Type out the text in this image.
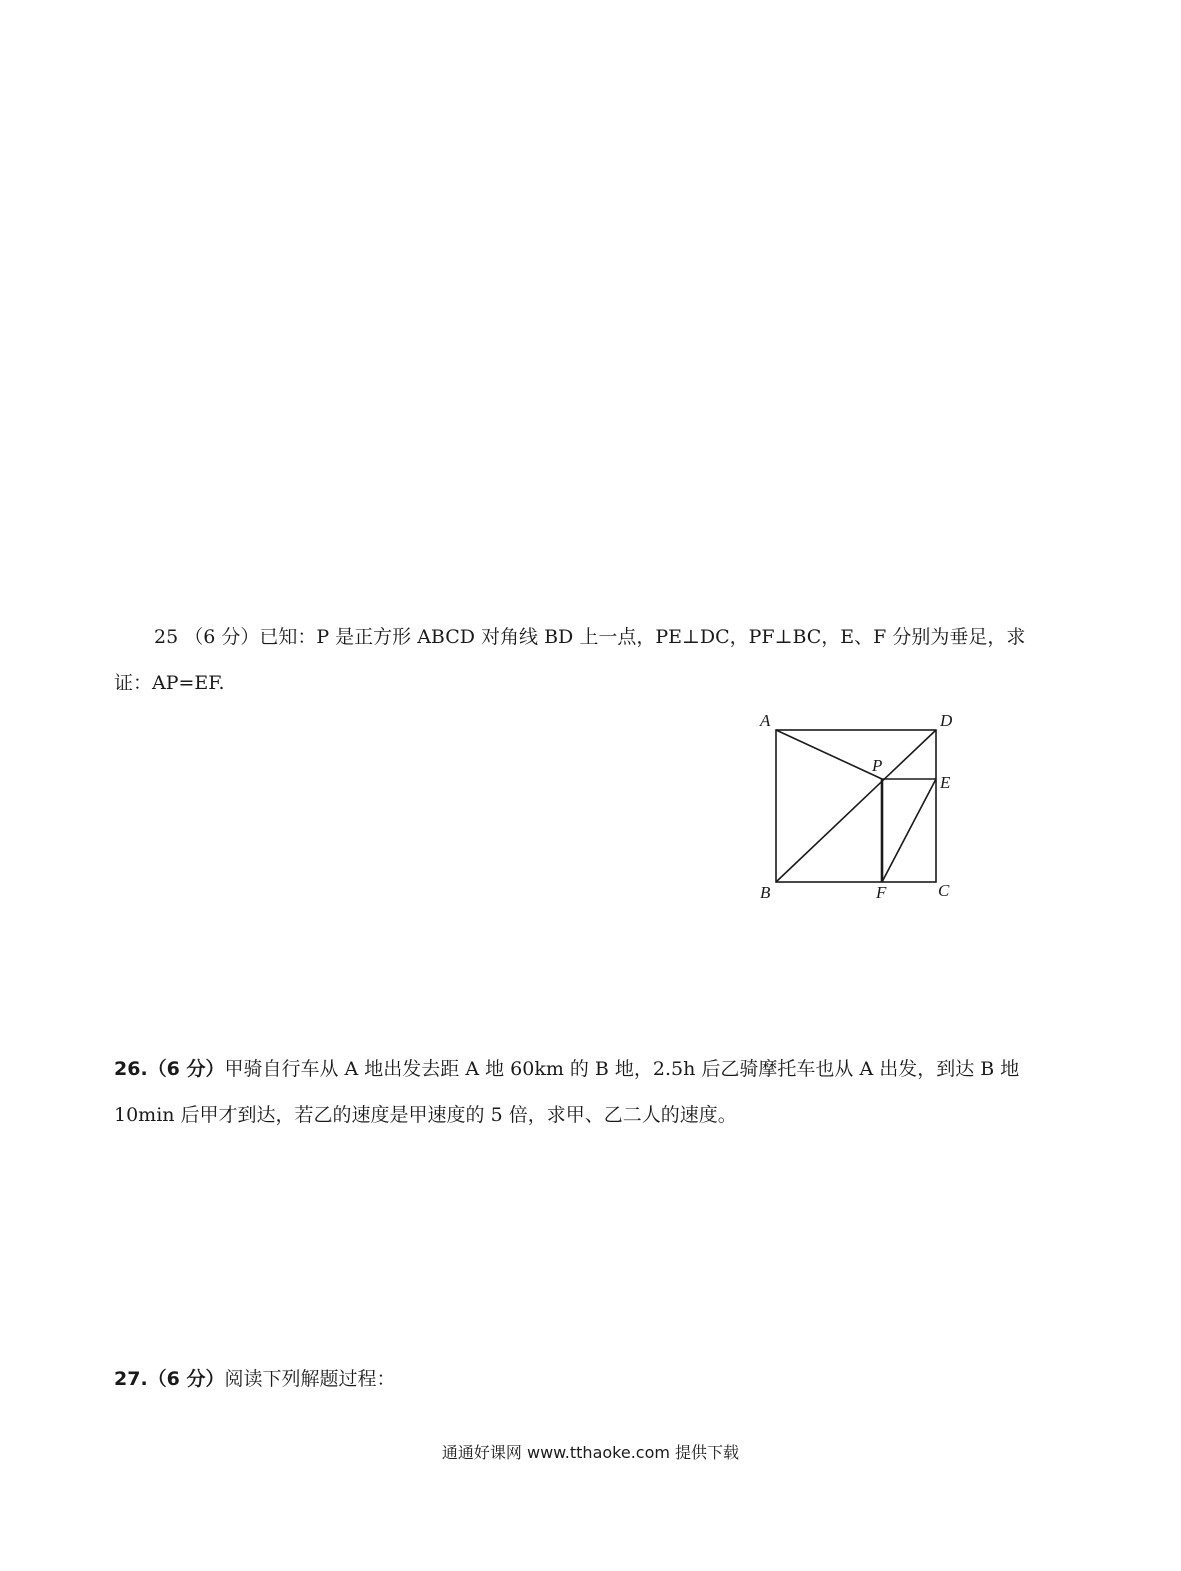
25 （6 分）已知：P 是正方形 ABCD 对角线 BD 上一点，PE⊥DC，PF⊥BC，E、F 分别为垂足，求
证：AP=EF.
A	D
P
E
B	F	C
26.（6 分）甲骑自行车从 A 地出发去距 A 地 60km 的 B 地，2.5h 后乙骑摩托车也从 A 出发，到达 B 地
10min 后甲才到达，若乙的速度是甲速度的 5 倍，求甲、乙二人的速度。
27.（6 分）阅读下列解题过程：
通通好课网 www.tthaoke.com 提供下载
